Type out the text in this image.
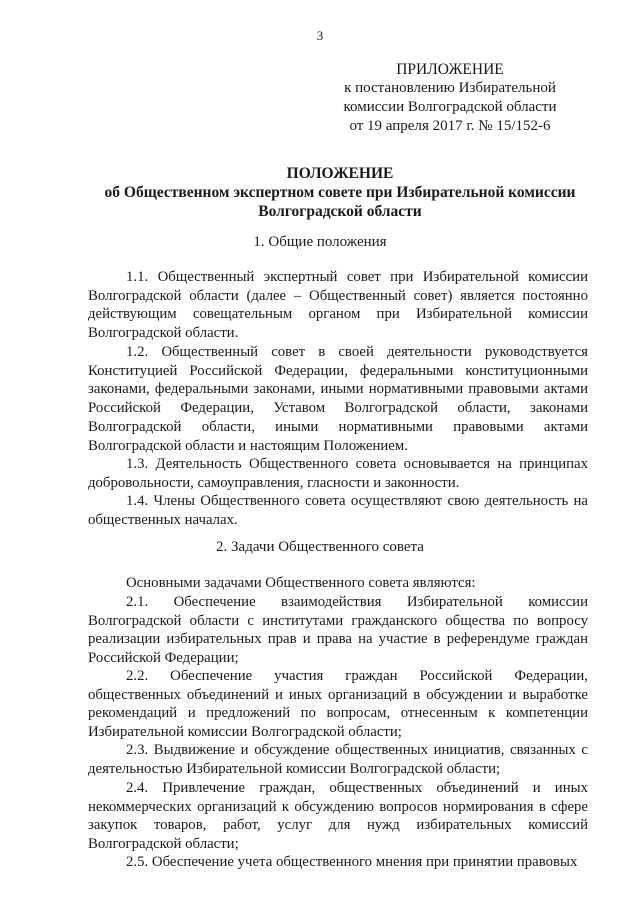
3
ПРИЛОЖЕНИЕ
к постановлению Избирательной
комиссии Волгоградской области
от 19 апреля 2017 г. № 15/152-6
ПОЛОЖЕНИЕ
об Общественном экспертном совете при Избирательной комиссии
Волгоградской области
1. Общие положения

1.1. Общественный экспертный совет при Избирательной комиссии Волгоградской области (далее – Общественный совет) является постоянно действующим совещательным органом при Избирательной комиссии Волгоградской области.

1.2. Общественный совет в своей деятельности руководствуется Конституцией Российской Федерации, федеральными конституционными законами, федеральными законами, иными нормативными правовыми актами Российской Федерации, Уставом Волгоградской области, законами Волгоградской области, иными нормативными правовыми актами Волгоградской области и настоящим Положением.

1.3. Деятельность Общественного совета основывается на принципах добровольности, самоуправления, гласности и законности.

1.4. Члены Общественного совета осуществляют свою деятельность на общественных началах.

2. Задачи Общественного совета

Основными задачами Общественного совета являются:

2.1. Обеспечение взаимодействия Избирательной комиссии Волгоградской области с институтами гражданского общества по вопросу реализации избирательных прав и права на участие в референдуме граждан Российской Федерации;

2.2. Обеспечение участия граждан Российской Федерации, общественных объединений и иных организаций в обсуждении и выработке рекомендаций и предложений по вопросам, отнесенным к компетенции Избирательной комиссии Волгоградской области;

2.3. Выдвижение и обсуждение общественных инициатив, связанных с деятельностью Избирательной комиссии Волгоградской области;

2.4. Привлечение граждан, общественных объединений и иных некоммерческих организаций к обсуждению вопросов нормирования в сфере закупок товаров, работ, услуг для нужд избирательных комиссий Волгоградской области;

2.5. Обеспечение учета общественного мнения при принятии правовых
